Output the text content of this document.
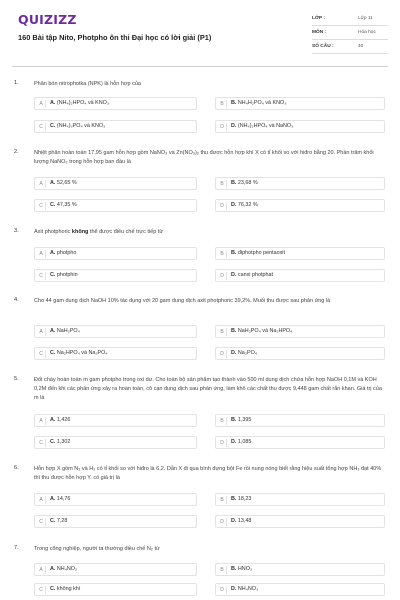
QUIZIZZ
160 Bài tập Nito, Photpho ôn thi Đại học có lời giải (P1)
LỚP :	Lớp 11
MÔN :	Hóa học
SỐ CÂU :	40
1.	Phân bón nitrophotka (NPK) là hỗn hợp của
A	A. (NH₄)₂HPO₄ và KNO₃	B	B. NH₄H₂PO₄ và KNO₃
C	C. (NH₄)₃PO₄ và KNO₃	D	D. (NH₄)₂HPO₄ và NaNO₃
2.	Nhiệt phân hoàn toàn 17,95 gam hỗn hợp gồm NaNO₃ và Zn(NO₃)₂ thu được hỗn hợp khí X có tỉ khối so với hiđro bằng 20. Phần trăm khối lượng NaNO₃ trong hỗn hợp ban đầu là
A	A. 52,65 %	B	B. 23,68 %
C	C. 47,35 %	D	D. 76,32 %
3.	Axit photphoric không thể được điều chế trực tiếp từ
A	A. photpho	B	B. điphotpho pentaoxit
C	C. photphin	D	D. canxi photphat
4.	Cho 44 gam dung dịch NaOH 10% tác dụng với 20 gam dung dịch axit photphoric 39,2%. Muối thu được sau phản ứng là
A	A. NaH₂PO₄	B	B. NaH₂PO₄ và Na₂HPO₄
C	C. Na₂HPO₄ và Na₃PO₄	D	D. Na₃PO₄
5.	Đốt cháy hoàn toàn m gam photpho trong oxi dư. Cho toàn bộ sản phẩm tạo thành vào 500 ml dung dịch chứa hỗn hợp NaOH 0,1M và KOH 0,2M đến khi các phản ứng xảy ra hoàn toàn, cô cạn dung dịch sau phản ứng, làm khô các chất thu được 9,448 gam chất rắn khan. Giá trị của m là
A	A. 1,426	B	B. 1,395
C	C. 1,302	D	D. 1,085
6.	Hỗn hợp X gồm N₂ và H₂ có tỉ khối so với hiđro là 6,2. Dẫn X đi qua bình đựng bột Fe rồi nung nóng biết rằng hiệu suất tổng hợp NH₃ đạt 40% thì thu được hỗn hợp Y. có giá trị là
A	A. 14,76	B	B. 18,23
C	C. 7,28	D	D. 13,48
7.	Trong công nghiệp, người ta thường điều chế N₂ từ
A	A. NH₄NO₂	B	B. HNO₃
C	C. không khí	D	D. NH₄NO₃
